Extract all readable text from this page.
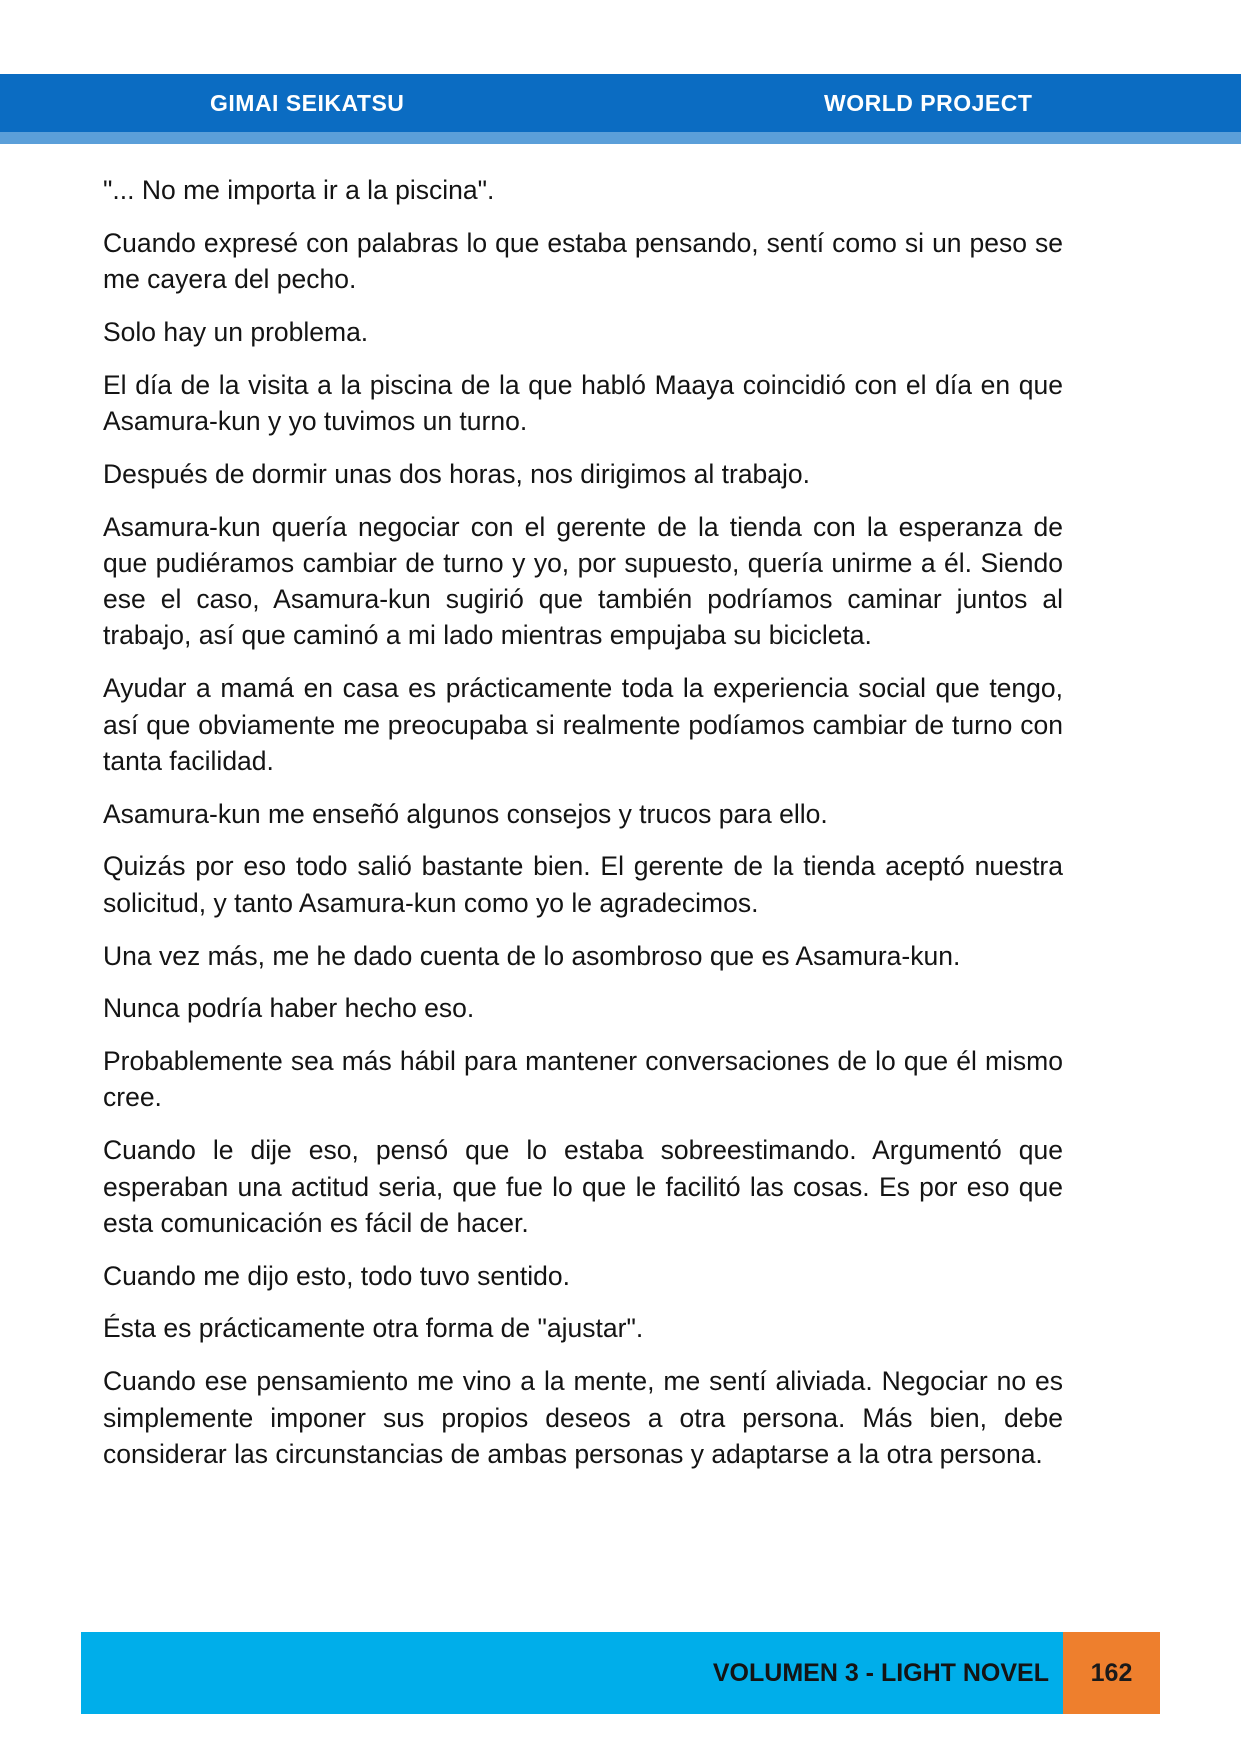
GIMAI SEIKATSU	WORLD PROJECT

"... No me importa ir a la piscina".

Cuando expresé con palabras lo que estaba pensando, sentí como si un peso se me cayera del pecho.

Solo hay un problema.

El día de la visita a la piscina de la que habló Maaya coincidió con el día en que Asamura-kun y yo tuvimos un turno.

Después de dormir unas dos horas, nos dirigimos al trabajo.

Asamura-kun quería negociar con el gerente de la tienda con la esperanza de que pudiéramos cambiar de turno y yo, por supuesto, quería unirme a él. Siendo ese el caso, Asamura-kun sugirió que también podríamos caminar juntos al trabajo, así que caminó a mi lado mientras empujaba su bicicleta.

Ayudar a mamá en casa es prácticamente toda la experiencia social que tengo, así que obviamente me preocupaba si realmente podíamos cambiar de turno con tanta facilidad.

Asamura-kun me enseñó algunos consejos y trucos para ello.

Quizás por eso todo salió bastante bien. El gerente de la tienda aceptó nuestra solicitud, y tanto Asamura-kun como yo le agradecimos.

Una vez más, me he dado cuenta de lo asombroso que es Asamura-kun.

Nunca podría haber hecho eso.

Probablemente sea más hábil para mantener conversaciones de lo que él mismo cree.

Cuando le dije eso, pensó que lo estaba sobreestimando. Argumentó que esperaban una actitud seria, que fue lo que le facilitó las cosas. Es por eso que esta comunicación es fácil de hacer.

Cuando me dijo esto, todo tuvo sentido.

Ésta es prácticamente otra forma de "ajustar".

Cuando ese pensamiento me vino a la mente, me sentí aliviada. Negociar no es simplemente imponer sus propios deseos a otra persona. Más bien, debe considerar las circunstancias de ambas personas y adaptarse a la otra persona.

VOLUMEN 3 - LIGHT NOVEL	162
